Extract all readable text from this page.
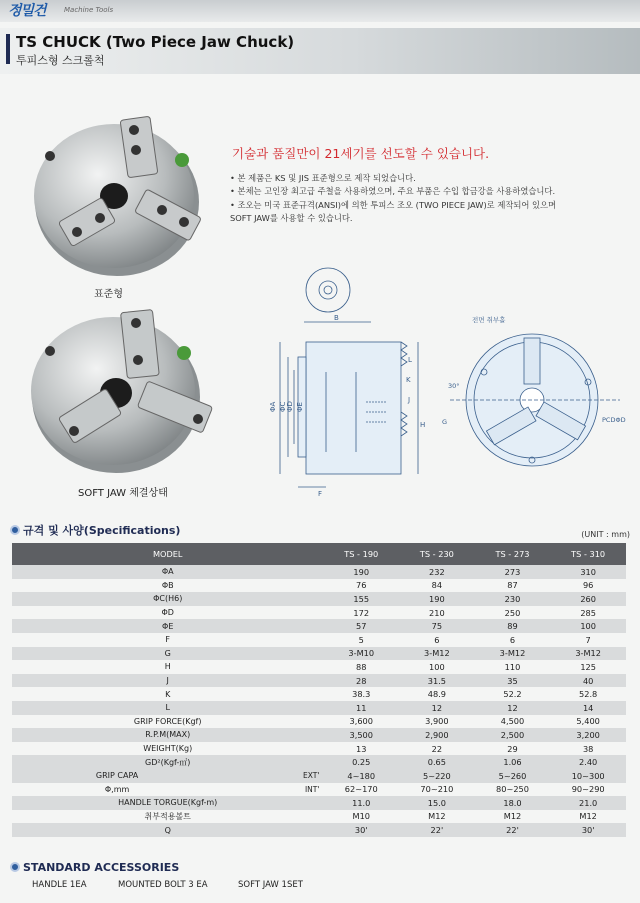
정밀건	Machine Tools
TS CHUCK (Two Piece Jaw Chuck)
투피스형 스크롤척
표준형
SOFT JAW 체결상태
기술과 품질만이 21세기를 선도할 수 있습니다.
• 본 제품은 KS 및 JIS 표준형으로 제작 되었습니다.
• 본체는 고인장 최고급 주철을 사용하였으며, 주요 부품은 수입 합금강을 사용하였습니다.
• 조오는 미국 표준규격(ANSI)에 의한 투피스 조오 (TWO PIECE JAW)로 제작되어 있으며
SOFT JAW를 사용할 수 있습니다.
B
ΦA ΦC ΦD ΦE
H
J
K
L
F
전면 취부홀
PCDΦD
G
30°
규격 및 사양(Specifications)	(UNIT : mm)
MODEL		TS - 190	TS - 230	TS - 273	TS - 310
ΦA		190	232	273	310
ΦB		76	84	87	96
ΦC(H6)		155	190	230	260
ΦD		172	210	250	285
ΦE		57	75	89	100
F		5	6	6	7
G		3-M10	3-M12	3-M12	3-M12
H		88	100	110	125
J		28	31.5	35	40
K		38.3	48.9	52.2	52.8
L		11	12	12	14
GRIP FORCE(Kgf)		3,600	3,900	4,500	5,400
R.P.M(MAX)		3,500	2,900	2,500	3,200
WEIGHT(Kg)		13	22	29	38
GD²(Kgf-㎡)		0.25	0.65	1.06	2.40
GRIP CAPA	EXT'	4~180	5~220	5~260	10~300
Φ,mm	INT'	62~170	70~210	80~250	90~290
HANDLE TORGUE(Kgf-m)		11.0	15.0	18.0	21.0
취부적용볼트		M10	M12	M12	M12
Q		30'	22'	22'	30'
STANDARD ACCESSORIES
HANDLE 1EA	MOUNTED BOLT 3 EA	SOFT JAW 1SET
